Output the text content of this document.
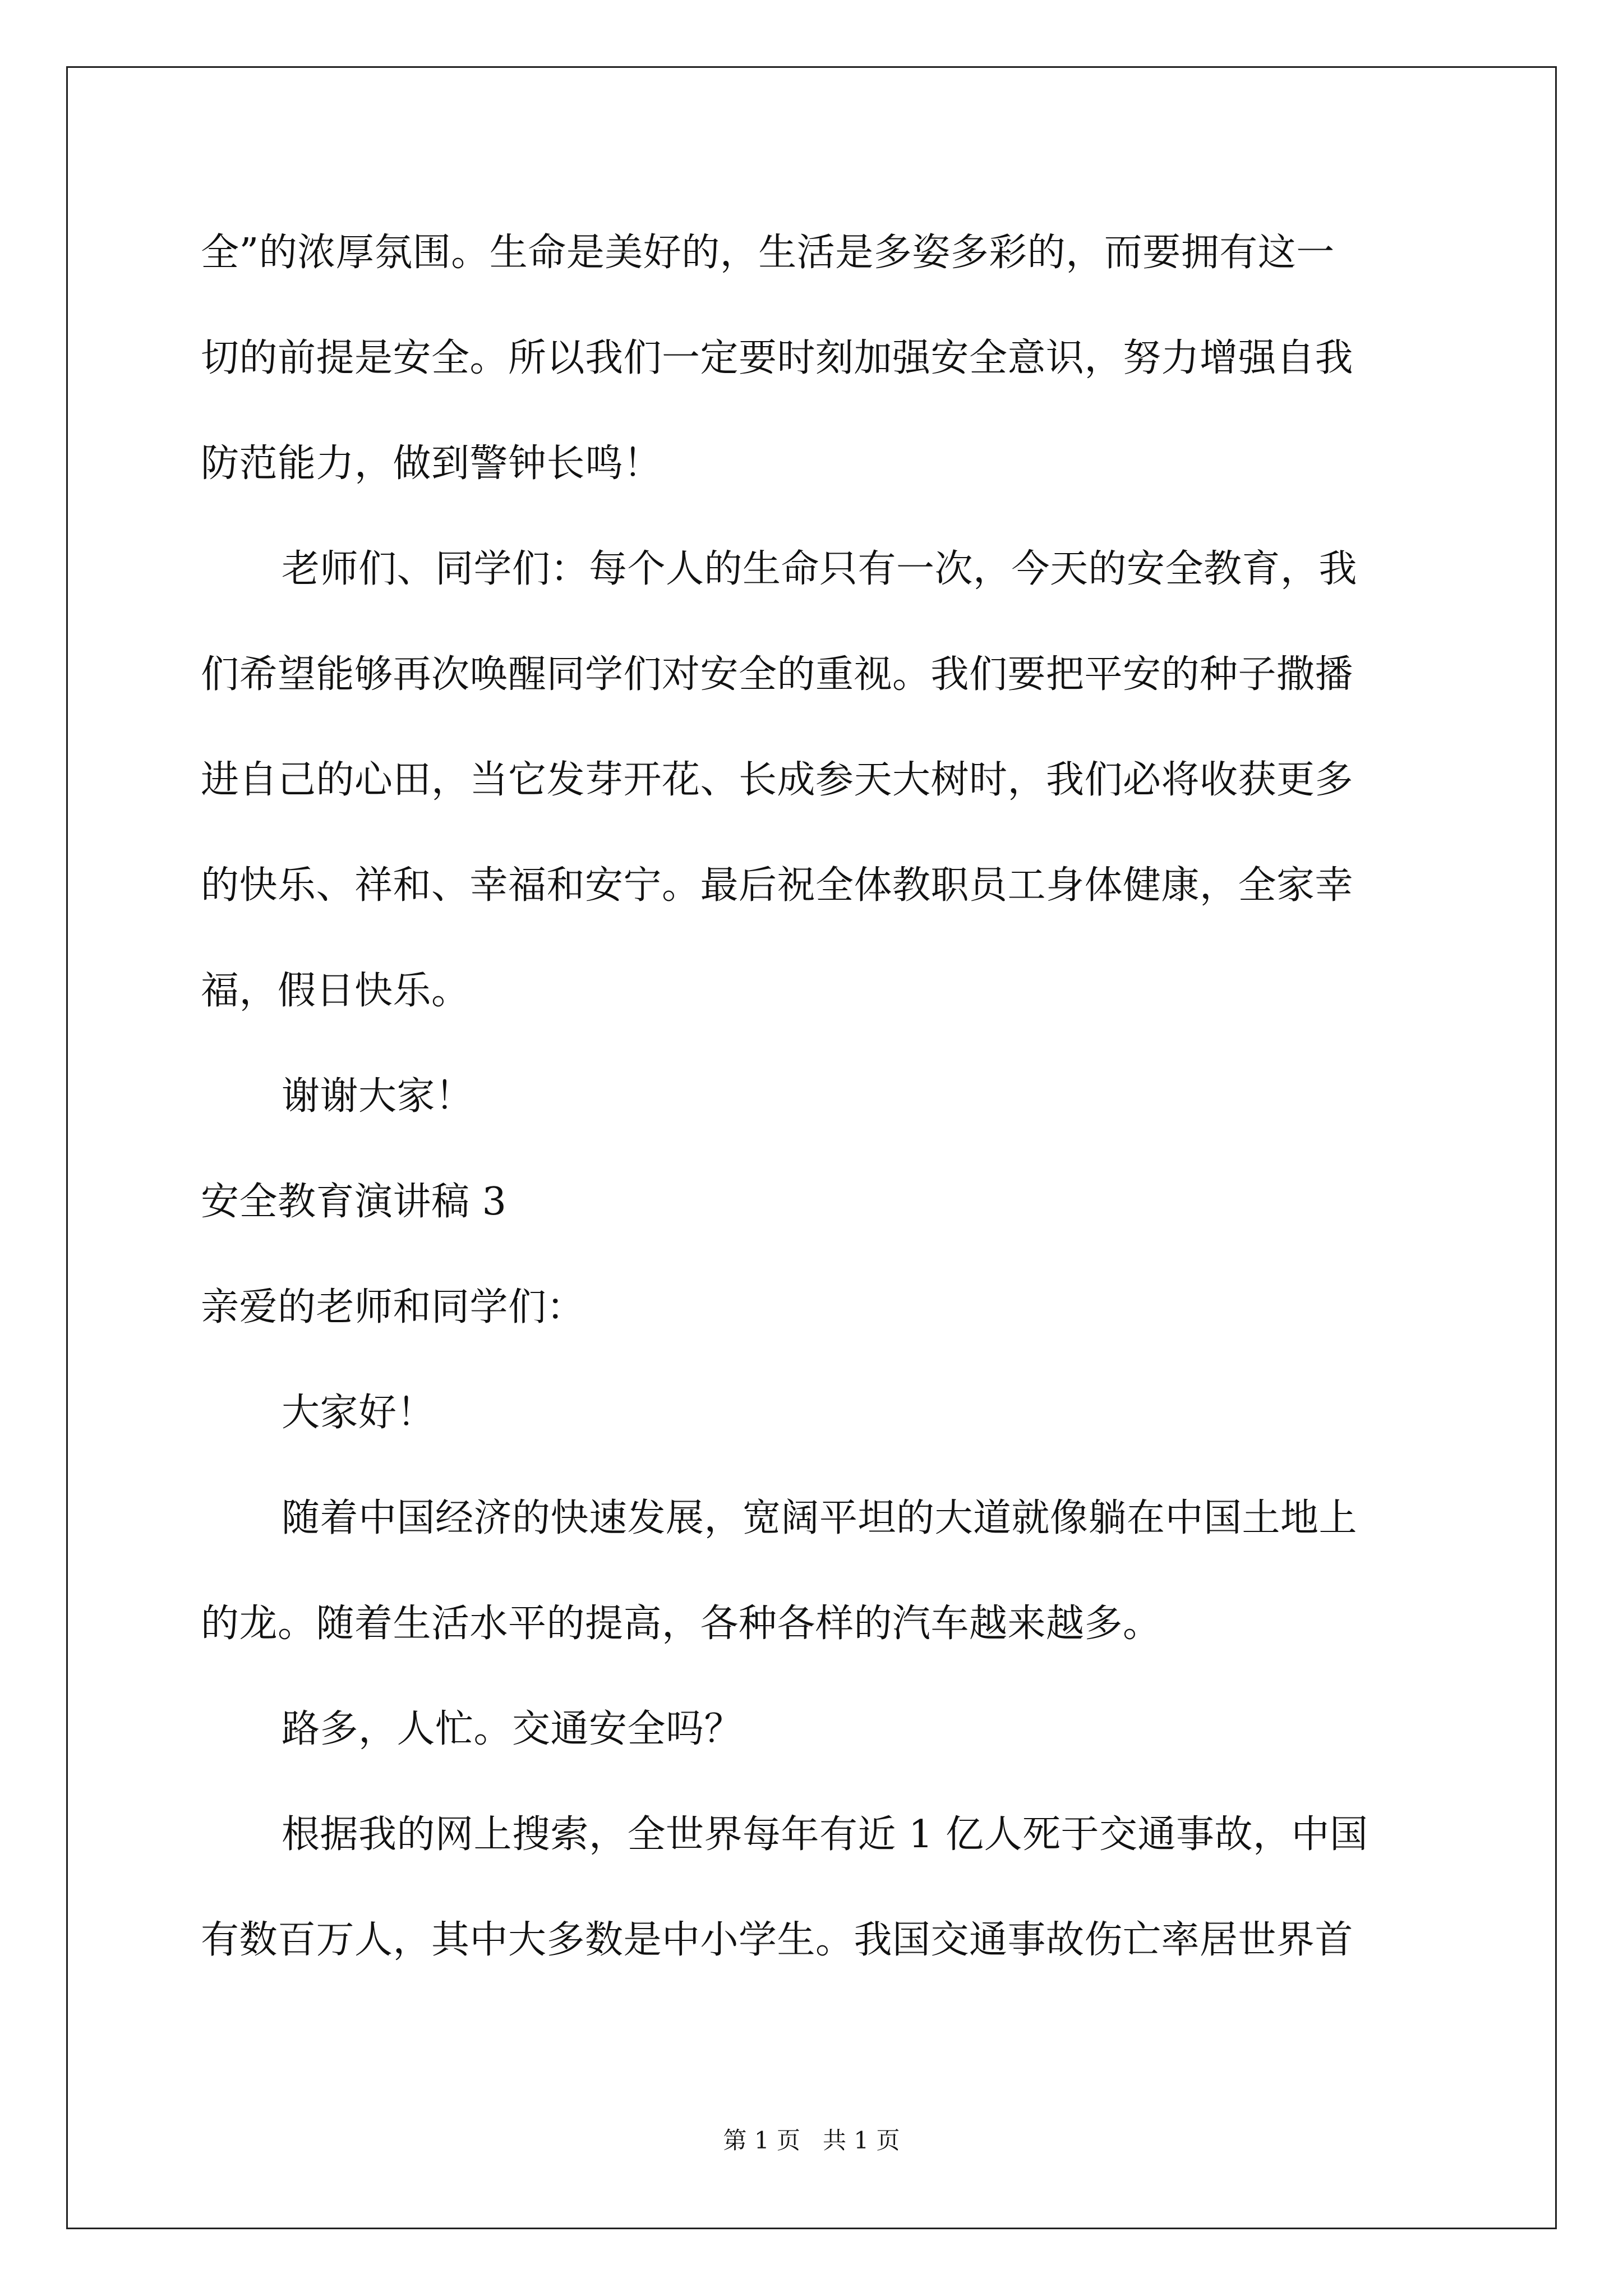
全”的浓厚氛围。生命是美好的，生活是多姿多彩的，而要拥有这一
切的前提是安全。所以我们一定要时刻加强安全意识，努力增强自我
防范能力，做到警钟长鸣！
老师们、同学们：每个人的生命只有一次，今天的安全教育，我
们希望能够再次唤醒同学们对安全的重视。我们要把平安的种子撒播
进自己的心田，当它发芽开花、长成参天大树时，我们必将收获更多
的快乐、祥和、幸福和安宁。最后祝全体教职员工身体健康，全家幸
福，假日快乐。
谢谢大家！
安全教育演讲稿 3
亲爱的老师和同学们：
大家好！
随着中国经济的快速发展，宽阔平坦的大道就像躺在中国土地上
的龙。随着生活水平的提高，各种各样的汽车越来越多。
路多，人忙。交通安全吗？
根据我的网上搜索，全世界每年有近 1 亿人死于交通事故，中国
有数百万人，其中大多数是中小学生。我国交通事故伤亡率居世界首
第 1 页   共 1 页
